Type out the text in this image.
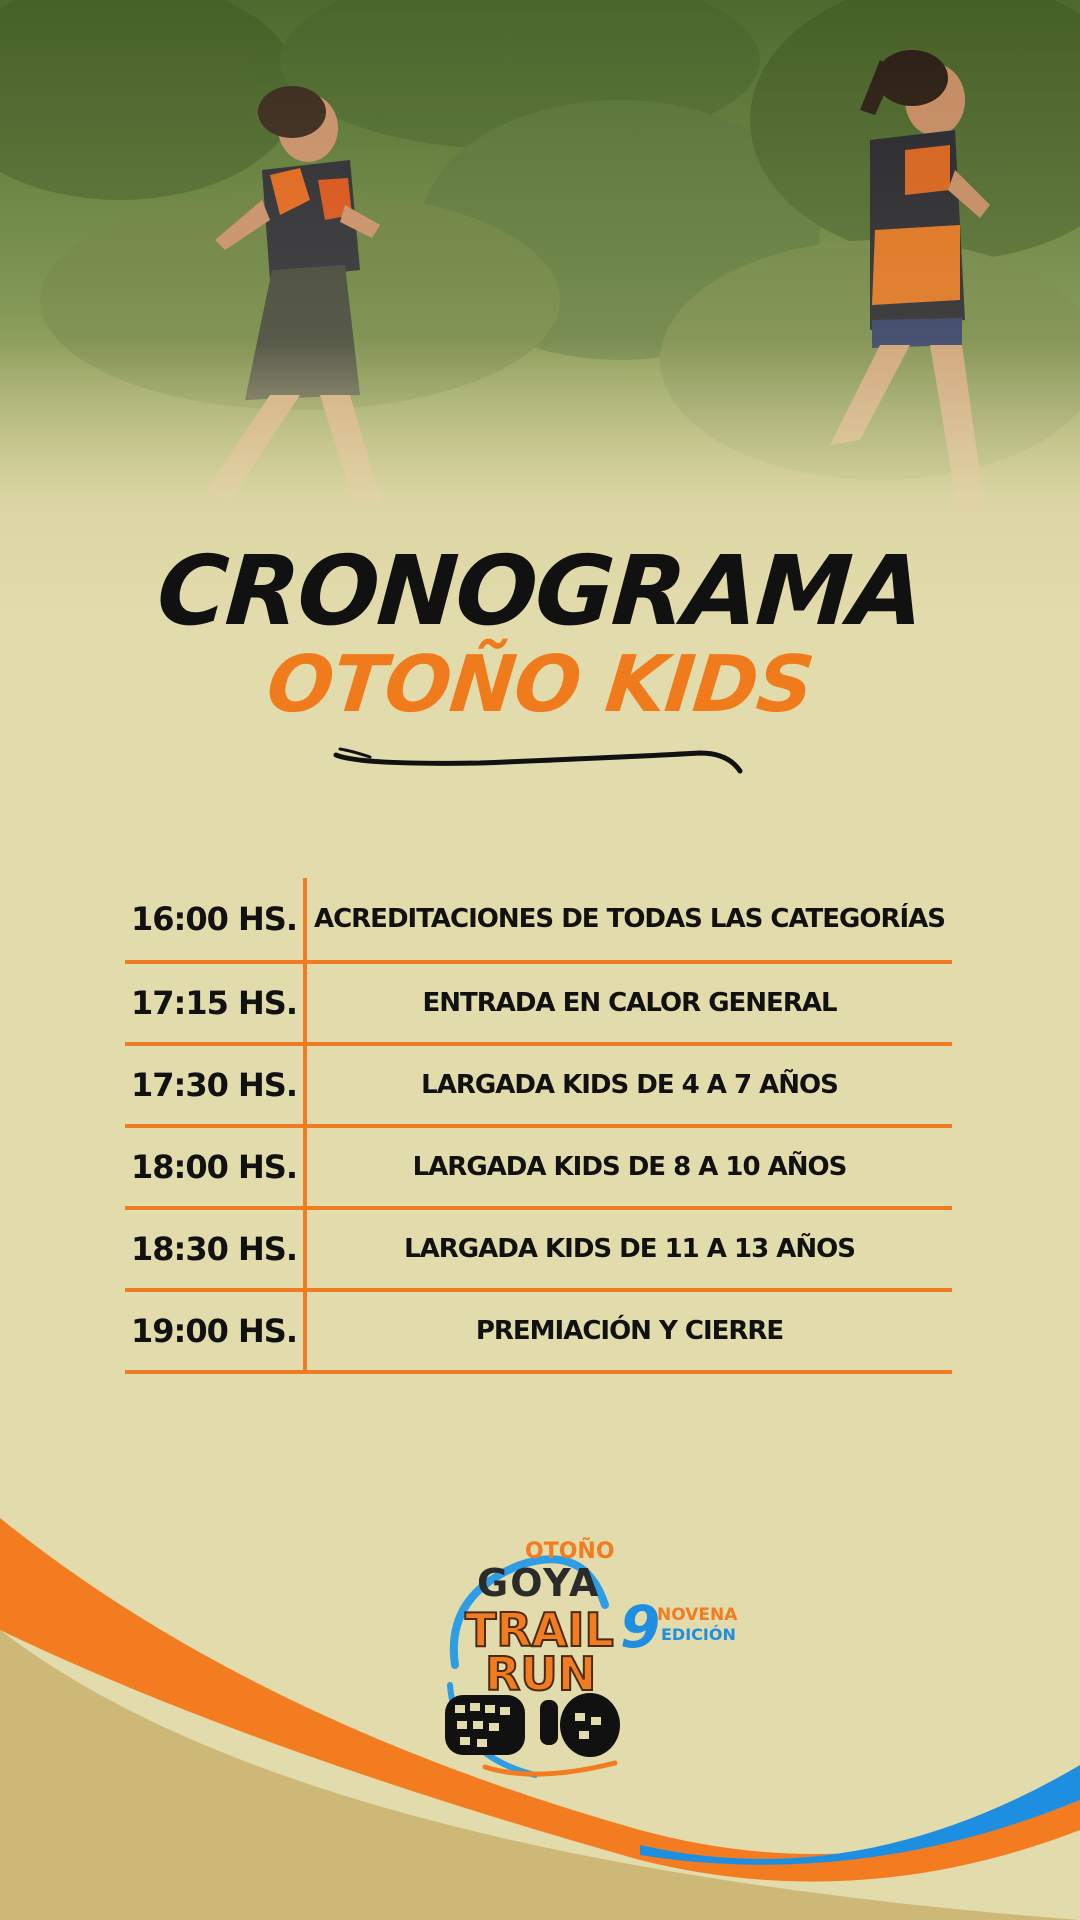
CRONOGRAMA
OTOÑO KIDS
16:00 HS. ACREDITACIONES DE TODAS LAS CATEGORÍAS
17:15 HS.	ENTRADA EN CALOR GENERAL
17:30 HS.	LARGADA KIDS DE 4 A 7 AÑOS
18:00 HS.	LARGADA KIDS DE 8 A 10 AÑOS
18:30 HS.	LARGADA KIDS DE 11 A 13 AÑOS
19:00 HS.	PREMIACIÓN Y CIERRE
OTOÑO
GOYA
TRAIL
RUN
9
NOVENA
EDICIÓN
